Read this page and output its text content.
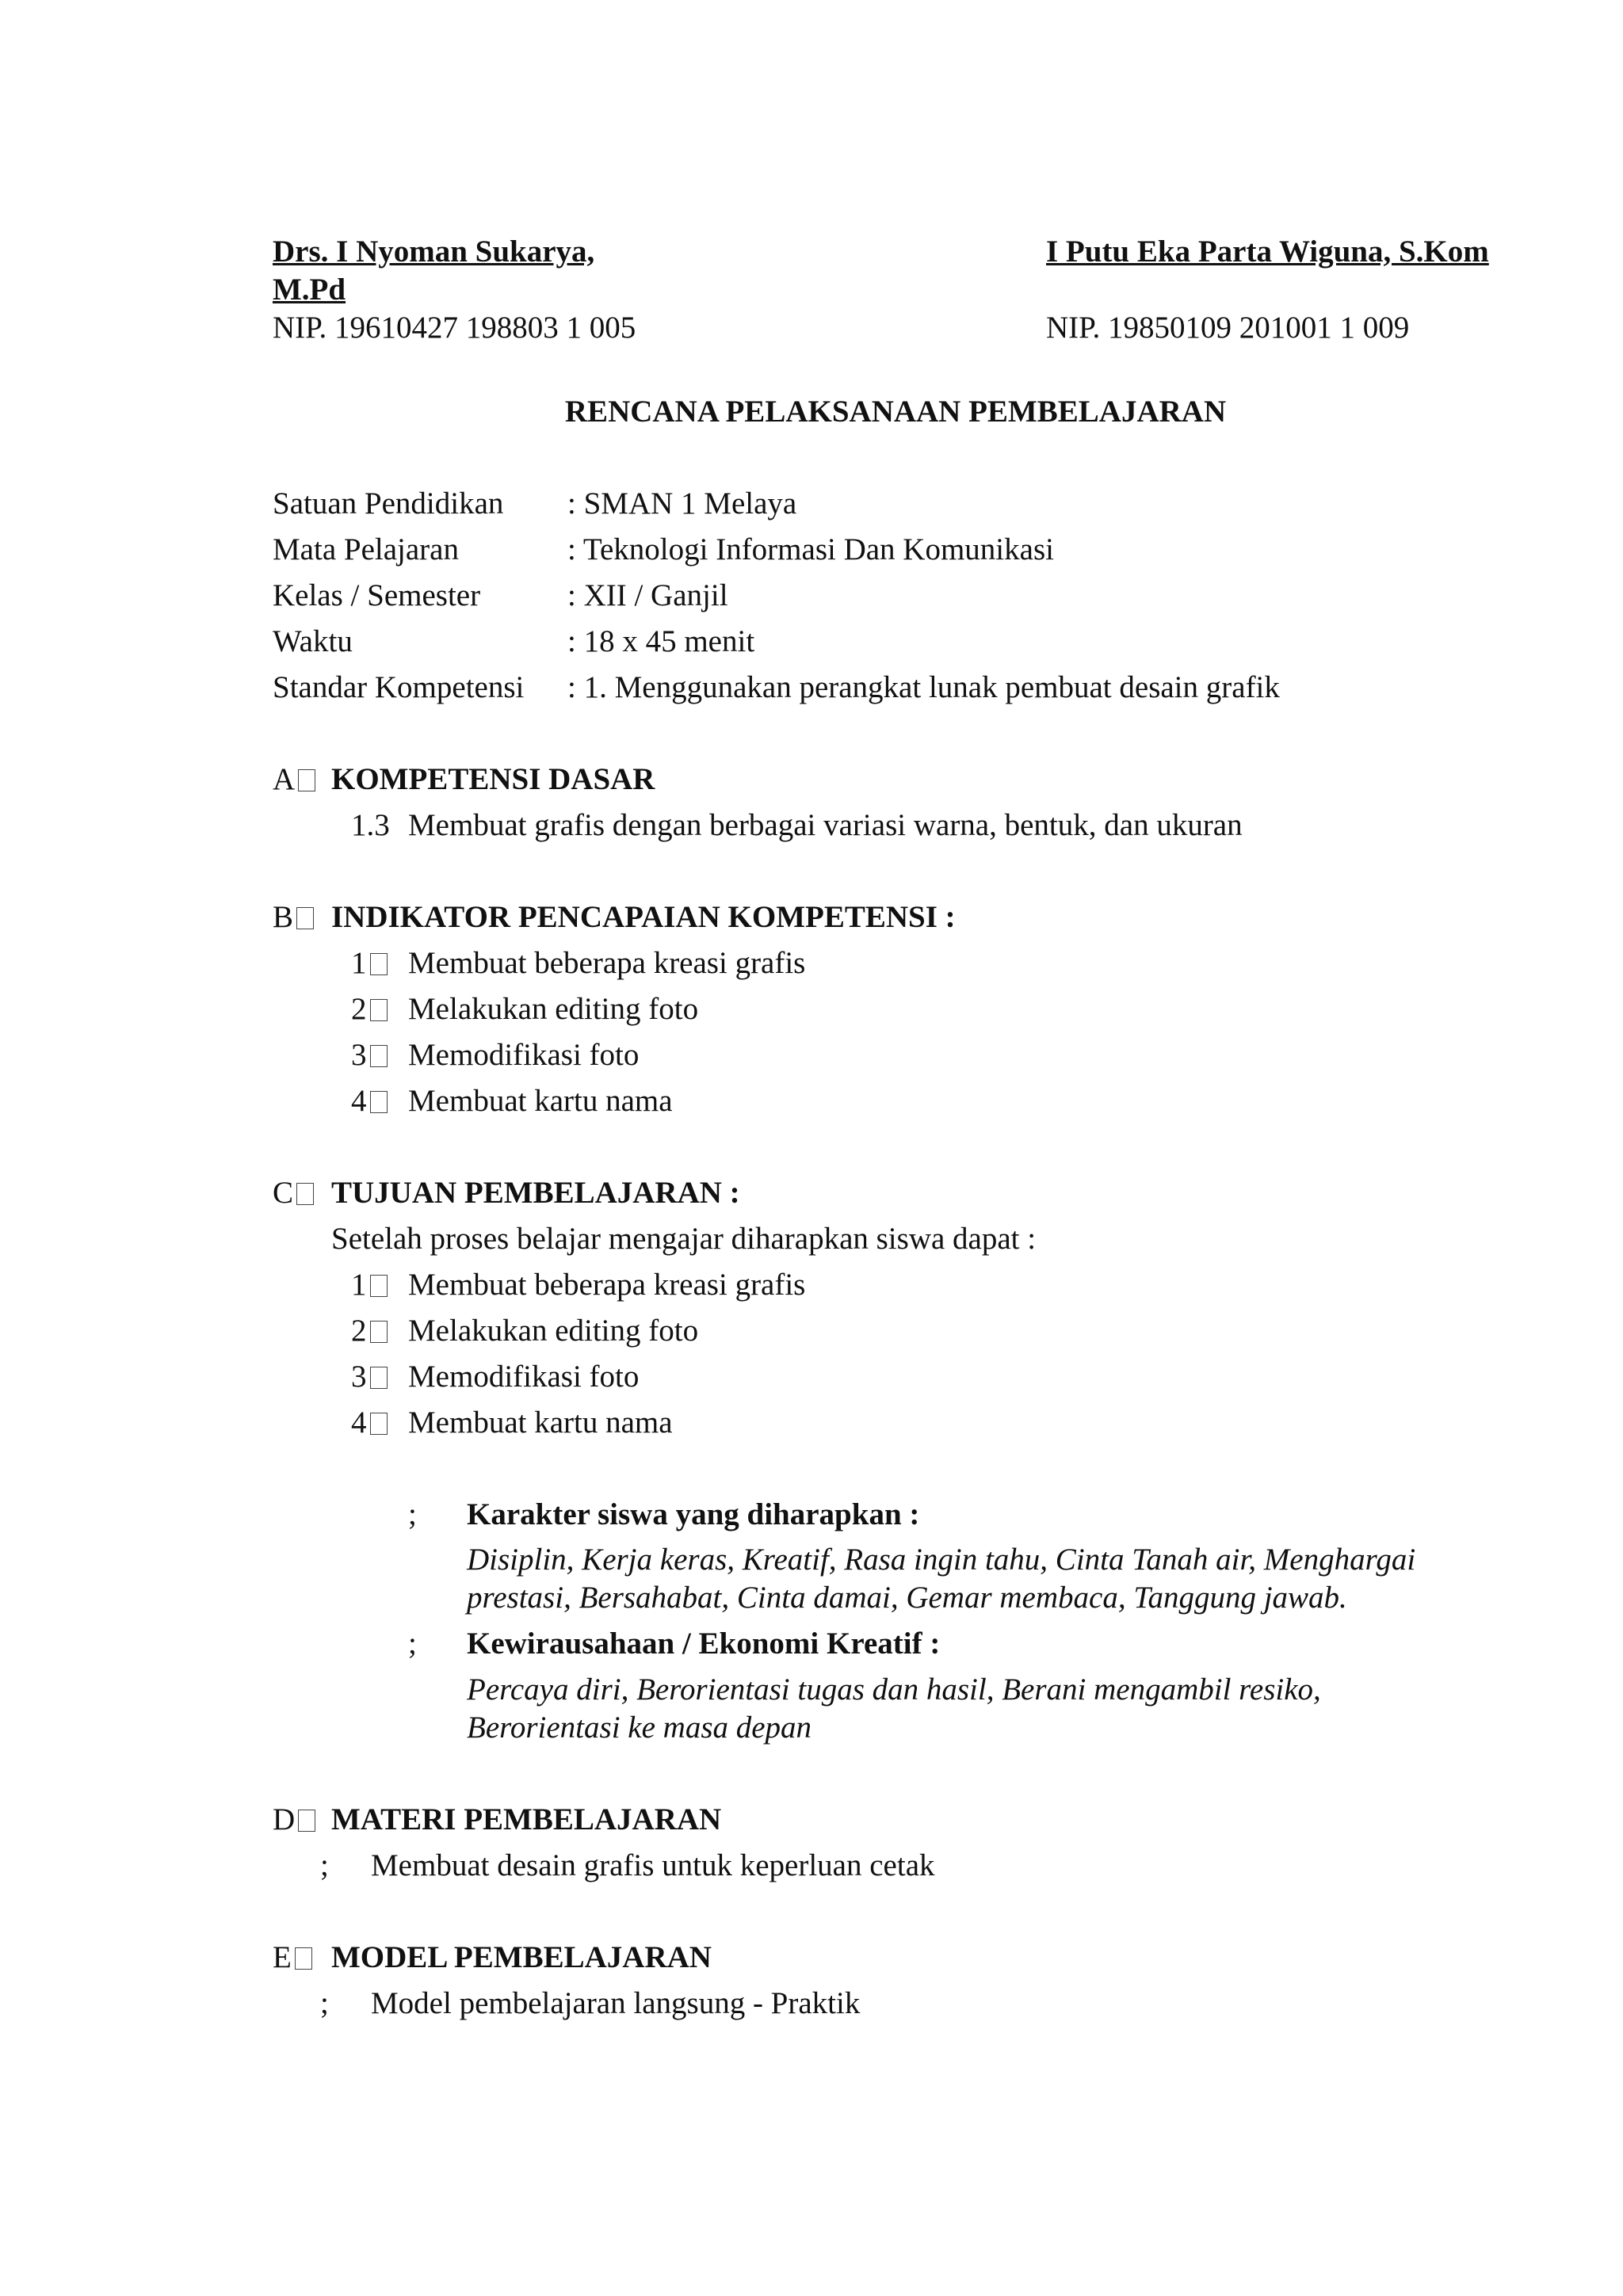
Drs. I Nyoman Sukarya,
M.Pd
NIP. 19610427 198803 1 005
I Putu Eka Parta Wiguna, S.Kom
NIP. 19850109 201001 1 009
RENCANA PELAKSANAAN PEMBELAJARAN
Satuan Pendidikan : SMAN 1 Melaya
Mata Pelajaran	: Teknologi Informasi Dan Komunikasi
Kelas / Semester	: XII / Ganjil
Waktu	: 18 x 45 menit
Standar Kompetensi : 1. Menggunakan perangkat lunak pembuat desain grafik
A	KOMPETENSI DASAR
1.3 Membuat grafis dengan berbagai variasi warna, bentuk, dan ukuran
B	INDIKATOR PENCAPAIAN KOMPETENSI :
1	Membuat beberapa kreasi grafis
2	Melakukan editing foto
3	Memodifikasi foto
4	Membuat kartu nama
C	TUJUAN PEMBELAJARAN :
Setelah proses belajar mengajar diharapkan siswa dapat :
1	Membuat beberapa kreasi grafis
2	Melakukan editing foto
3	Memodifikasi foto
4	Membuat kartu nama
; Karakter siswa yang diharapkan :
Disiplin, Kerja keras, Kreatif, Rasa ingin tahu, Cinta Tanah air, Menghargai
prestasi, Bersahabat, Cinta damai, Gemar membaca, Tanggung jawab.
; Kewirausahaan / Ekonomi Kreatif :
Percaya diri, Berorientasi tugas dan hasil, Berani mengambil resiko,
Berorientasi ke masa depan
D	MATERI PEMBELAJARAN
; Membuat desain grafis untuk keperluan cetak
E	MODEL PEMBELAJARAN
; Model pembelajaran langsung - Praktik
